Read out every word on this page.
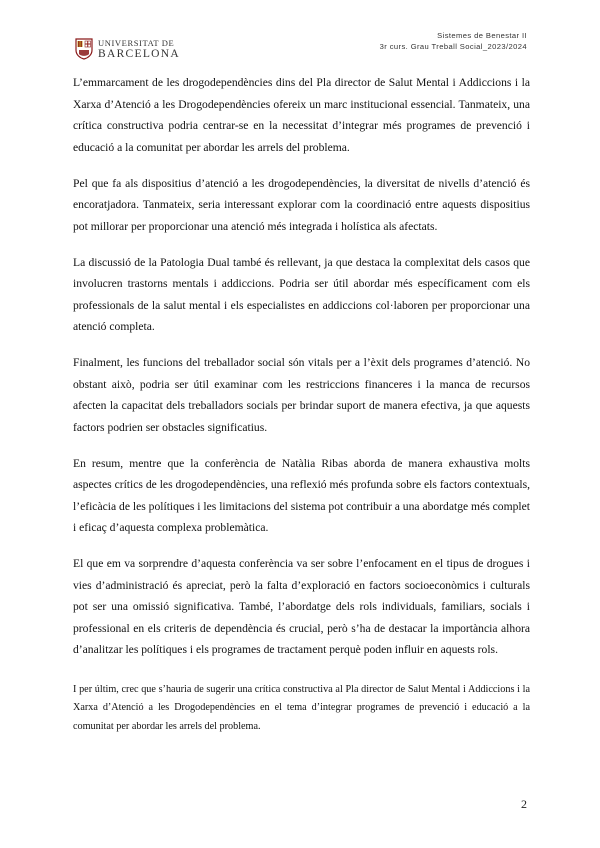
UNIVERSITAT DE
BARCELONA
Sistemes de Benestar II
3r curs. Grau Treball Social_2023/2024

L’emmarcament de les drogodependències dins del Pla director de Salut Mental i Addiccions i la Xarxa d’Atenció a les Drogodependències ofereix un marc institucional essencial. Tanmateix, una crítica constructiva podria centrar-se en la necessitat d’integrar més programes de prevenció i educació a la comunitat per abordar les arrels del problema.

Pel que fa als dispositius d’atenció a les drogodependències, la diversitat de nivells d’atenció és encoratjadora. Tanmateix, seria interessant explorar com la coordinació entre aquests dispositius pot millorar per proporcionar una atenció més integrada i holística als afectats.

La discussió de la Patologia Dual també és rellevant, ja que destaca la complexitat dels casos que involucren trastorns mentals i addiccions. Podria ser útil abordar més específicament com els professionals de la salut mental i els especialistes en addiccions col·laboren per proporcionar una atenció completa.

Finalment, les funcions del treballador social són vitals per a l’èxit dels programes d’atenció. No obstant això, podria ser útil examinar com les restriccions financeres i la manca de recursos afecten la capacitat dels treballadors socials per brindar suport de manera efectiva, ja que aquests factors podrien ser obstacles significatius.

En resum, mentre que la conferència de Natàlia Ribas aborda de manera exhaustiva molts aspectes crítics de les drogodependències, una reflexió més profunda sobre els factors contextuals, l’eficàcia de les polítiques i les limitacions del sistema pot contribuir a una abordatge més complet i eficaç d’aquesta complexa problemàtica.

El que em va sorprendre d’aquesta conferència va ser sobre l’enfocament en el tipus de drogues i vies d’administració és apreciat, però la falta d’exploració en factors socioeconòmics i culturals pot ser una omissió significativa. També, l’abordatge dels rols individuals, familiars, socials i professional en els criteris de dependència és crucial, però s’ha de destacar la importància alhora d’analitzar les polítiques i els programes de tractament perquè poden influir en aquests rols.

I per últim, crec que s’hauria de sugerir una crítica constructiva al Pla director de Salut Mental i Addiccions i la Xarxa d’Atenció a les Drogodependències en el tema d’integrar programes de prevenció i educació a la comunitat per abordar les arrels del problema.

2
